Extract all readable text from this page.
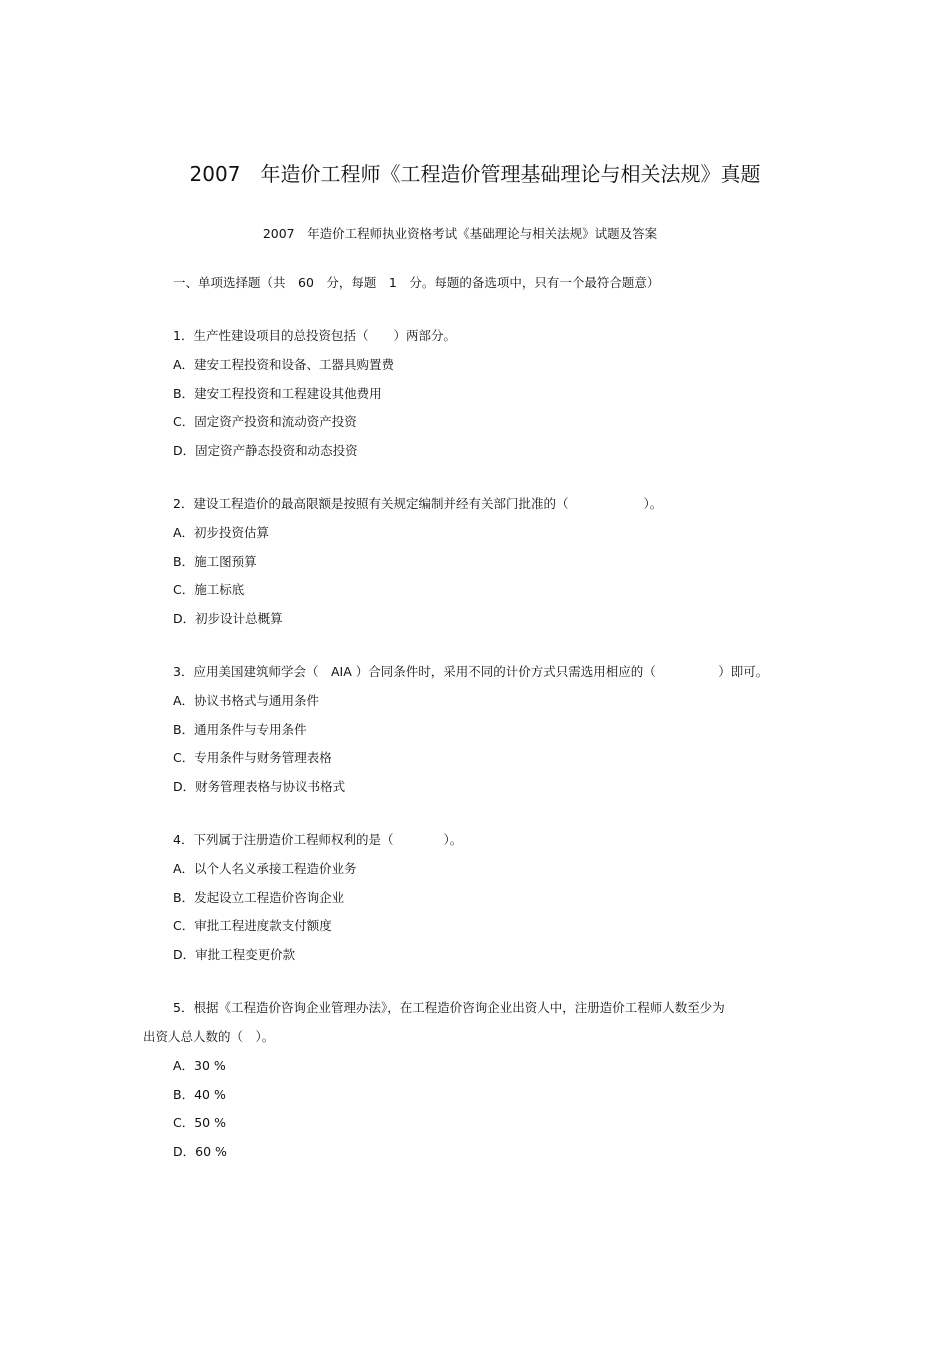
2007　年造价工程师《工程造价管理基础理论与相关法规》真题
2007　年造价工程师执业资格考试《基础理论与相关法规》试题及答案
一、单项选择题（共　60　分，每题　1　分。每题的备选项中，只有一个最符合题意）
1．生产性建设项目的总投资包括（　　）两部分。
A．建安工程投资和设备、工器具购置费
B．建安工程投资和工程建设其他费用
C．固定资产投资和流动资产投资
D．固定资产静态投资和动态投资
2．建设工程造价的最高限额是按照有关规定编制并经有关部门批准的（　　　　　　）。
A．初步投资估算
B．施工图预算
C．施工标底
D．初步设计总概算
3．应用美国建筑师学会（　AIA ）合同条件时，采用不同的计价方式只需选用相应的（　　　　　）即可。
A．协议书格式与通用条件
B．通用条件与专用条件
C．专用条件与财务管理表格
D．财务管理表格与协议书格式
4．下列属于注册造价工程师权利的是（　　　　）。
A．以个人名义承接工程造价业务
B．发起设立工程造价咨询企业
C．审批工程进度款支付额度
D．审批工程变更价款
5．根据《工程造价咨询企业管理办法》，在工程造价咨询企业出资人中，注册造价工程师人数至少为
出资人总人数的（　）。
A．30 %
B．40 %
C．50 %
D．60 %
